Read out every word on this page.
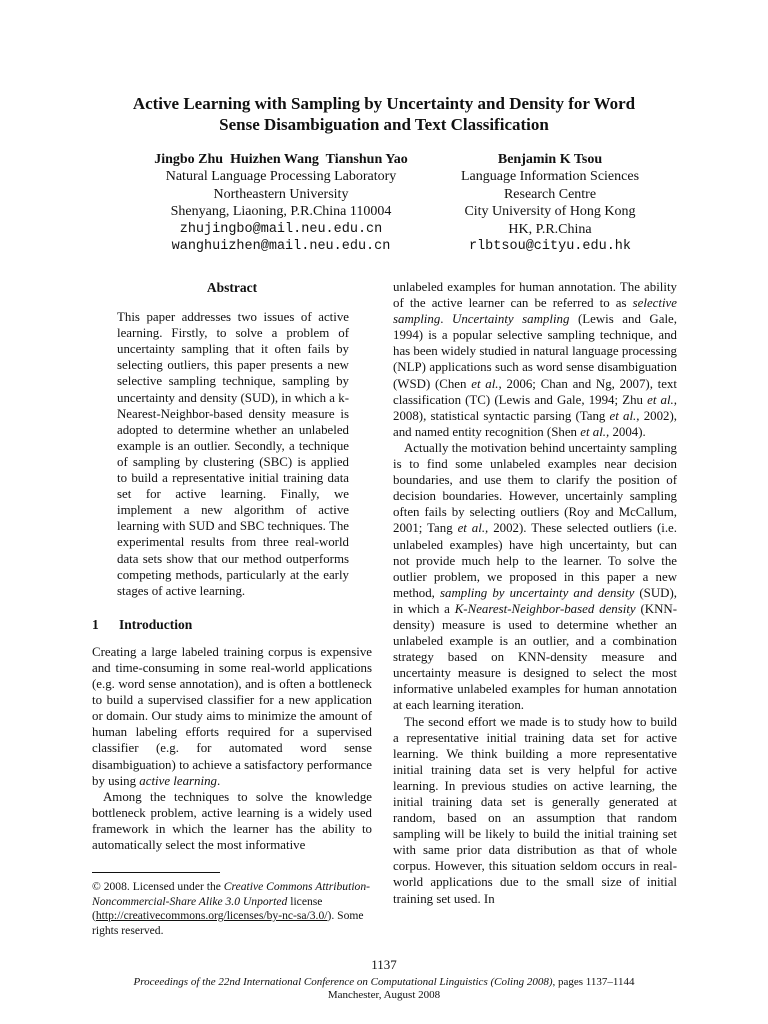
Active Learning with Sampling by Uncertainty and Density for Word
Sense Disambiguation and Text Classification
Jingbo Zhu  Huizhen Wang  Tianshun Yao
Natural Language Processing Laboratory
Northeastern University
Shenyang, Liaoning, P.R.China 110004
zhujingbo@mail.neu.edu.cn
wanghuizhen@mail.neu.edu.cn
Benjamin K Tsou
Language Information Sciences
Research Centre
City University of Hong Kong
HK, P.R.China
rlbtsou@cityu.edu.hk
Abstract

This paper addresses two issues of active learning. Firstly, to solve a problem of uncertainty sampling that it often fails by selecting outliers, this paper presents a new selective sampling technique, sampling by uncertainty and density (SUD), in which a k-Nearest-Neighbor-based density measure is adopted to determine whether an unlabeled example is an outlier. Secondly, a technique of sampling by clustering (SBC) is applied to build a representative initial training data set for active learning. Finally, we implement a new algorithm of active learning with SUD and SBC techniques. The experimental results from three real-world data sets show that our method outperforms competing methods, particularly at the early stages of active learning.

1 Introduction

Creating a large labeled training corpus is expensive and time-consuming in some real-world applications (e.g. word sense annotation), and is often a bottleneck to build a supervised classifier for a new application or domain. Our study aims to minimize the amount of human labeling efforts required for a supervised classifier (e.g. for automated word sense disambiguation) to achieve a satisfactory performance by using active learning.

Among the techniques to solve the knowledge bottleneck problem, active learning is a widely used framework in which the learner has the ability to automatically select the most informative

© 2008. Licensed under the Creative Commons Attribution-Noncommercial-Share Alike 3.0 Unported license (http://creativecommons.org/licenses/by-nc-sa/3.0/). Some rights reserved.

unlabeled examples for human annotation. The ability of the active learner can be referred to as selective sampling. Uncertainty sampling (Lewis and Gale, 1994) is a popular selective sampling technique, and has been widely studied in natural language processing (NLP) applications such as word sense disambiguation (WSD) (Chen et al., 2006; Chan and Ng, 2007), text classification (TC) (Lewis and Gale, 1994; Zhu et al., 2008), statistical syntactic parsing (Tang et al., 2002), and named entity recognition (Shen et al., 2004).

Actually the motivation behind uncertainty sampling is to find some unlabeled examples near decision boundaries, and use them to clarify the position of decision boundaries. However, uncertainly sampling often fails by selecting outliers (Roy and McCallum, 2001; Tang et al., 2002). These selected outliers (i.e. unlabeled examples) have high uncertainty, but can not provide much help to the learner. To solve the outlier problem, we proposed in this paper a new method, sampling by uncertainty and density (SUD), in which a K-Nearest-Neighbor-based density (KNN-density) measure is used to determine whether an unlabeled example is an outlier, and a combination strategy based on KNN-density measure and uncertainty measure is designed to select the most informative unlabeled examples for human annotation at each learning iteration.

The second effort we made is to study how to build a representative initial training data set for active learning. We think building a more representative initial training data set is very helpful for active learning. In previous studies on active learning, the initial training data set is generally generated at random, based on an assumption that random sampling will be likely to build the initial training set with same prior data distribution as that of whole corpus. However, this situation seldom occurs in real-world applications due to the small size of initial training set used. In

1137
Proceedings of the 22nd International Conference on Computational Linguistics (Coling 2008), pages 1137–1144
Manchester, August 2008
